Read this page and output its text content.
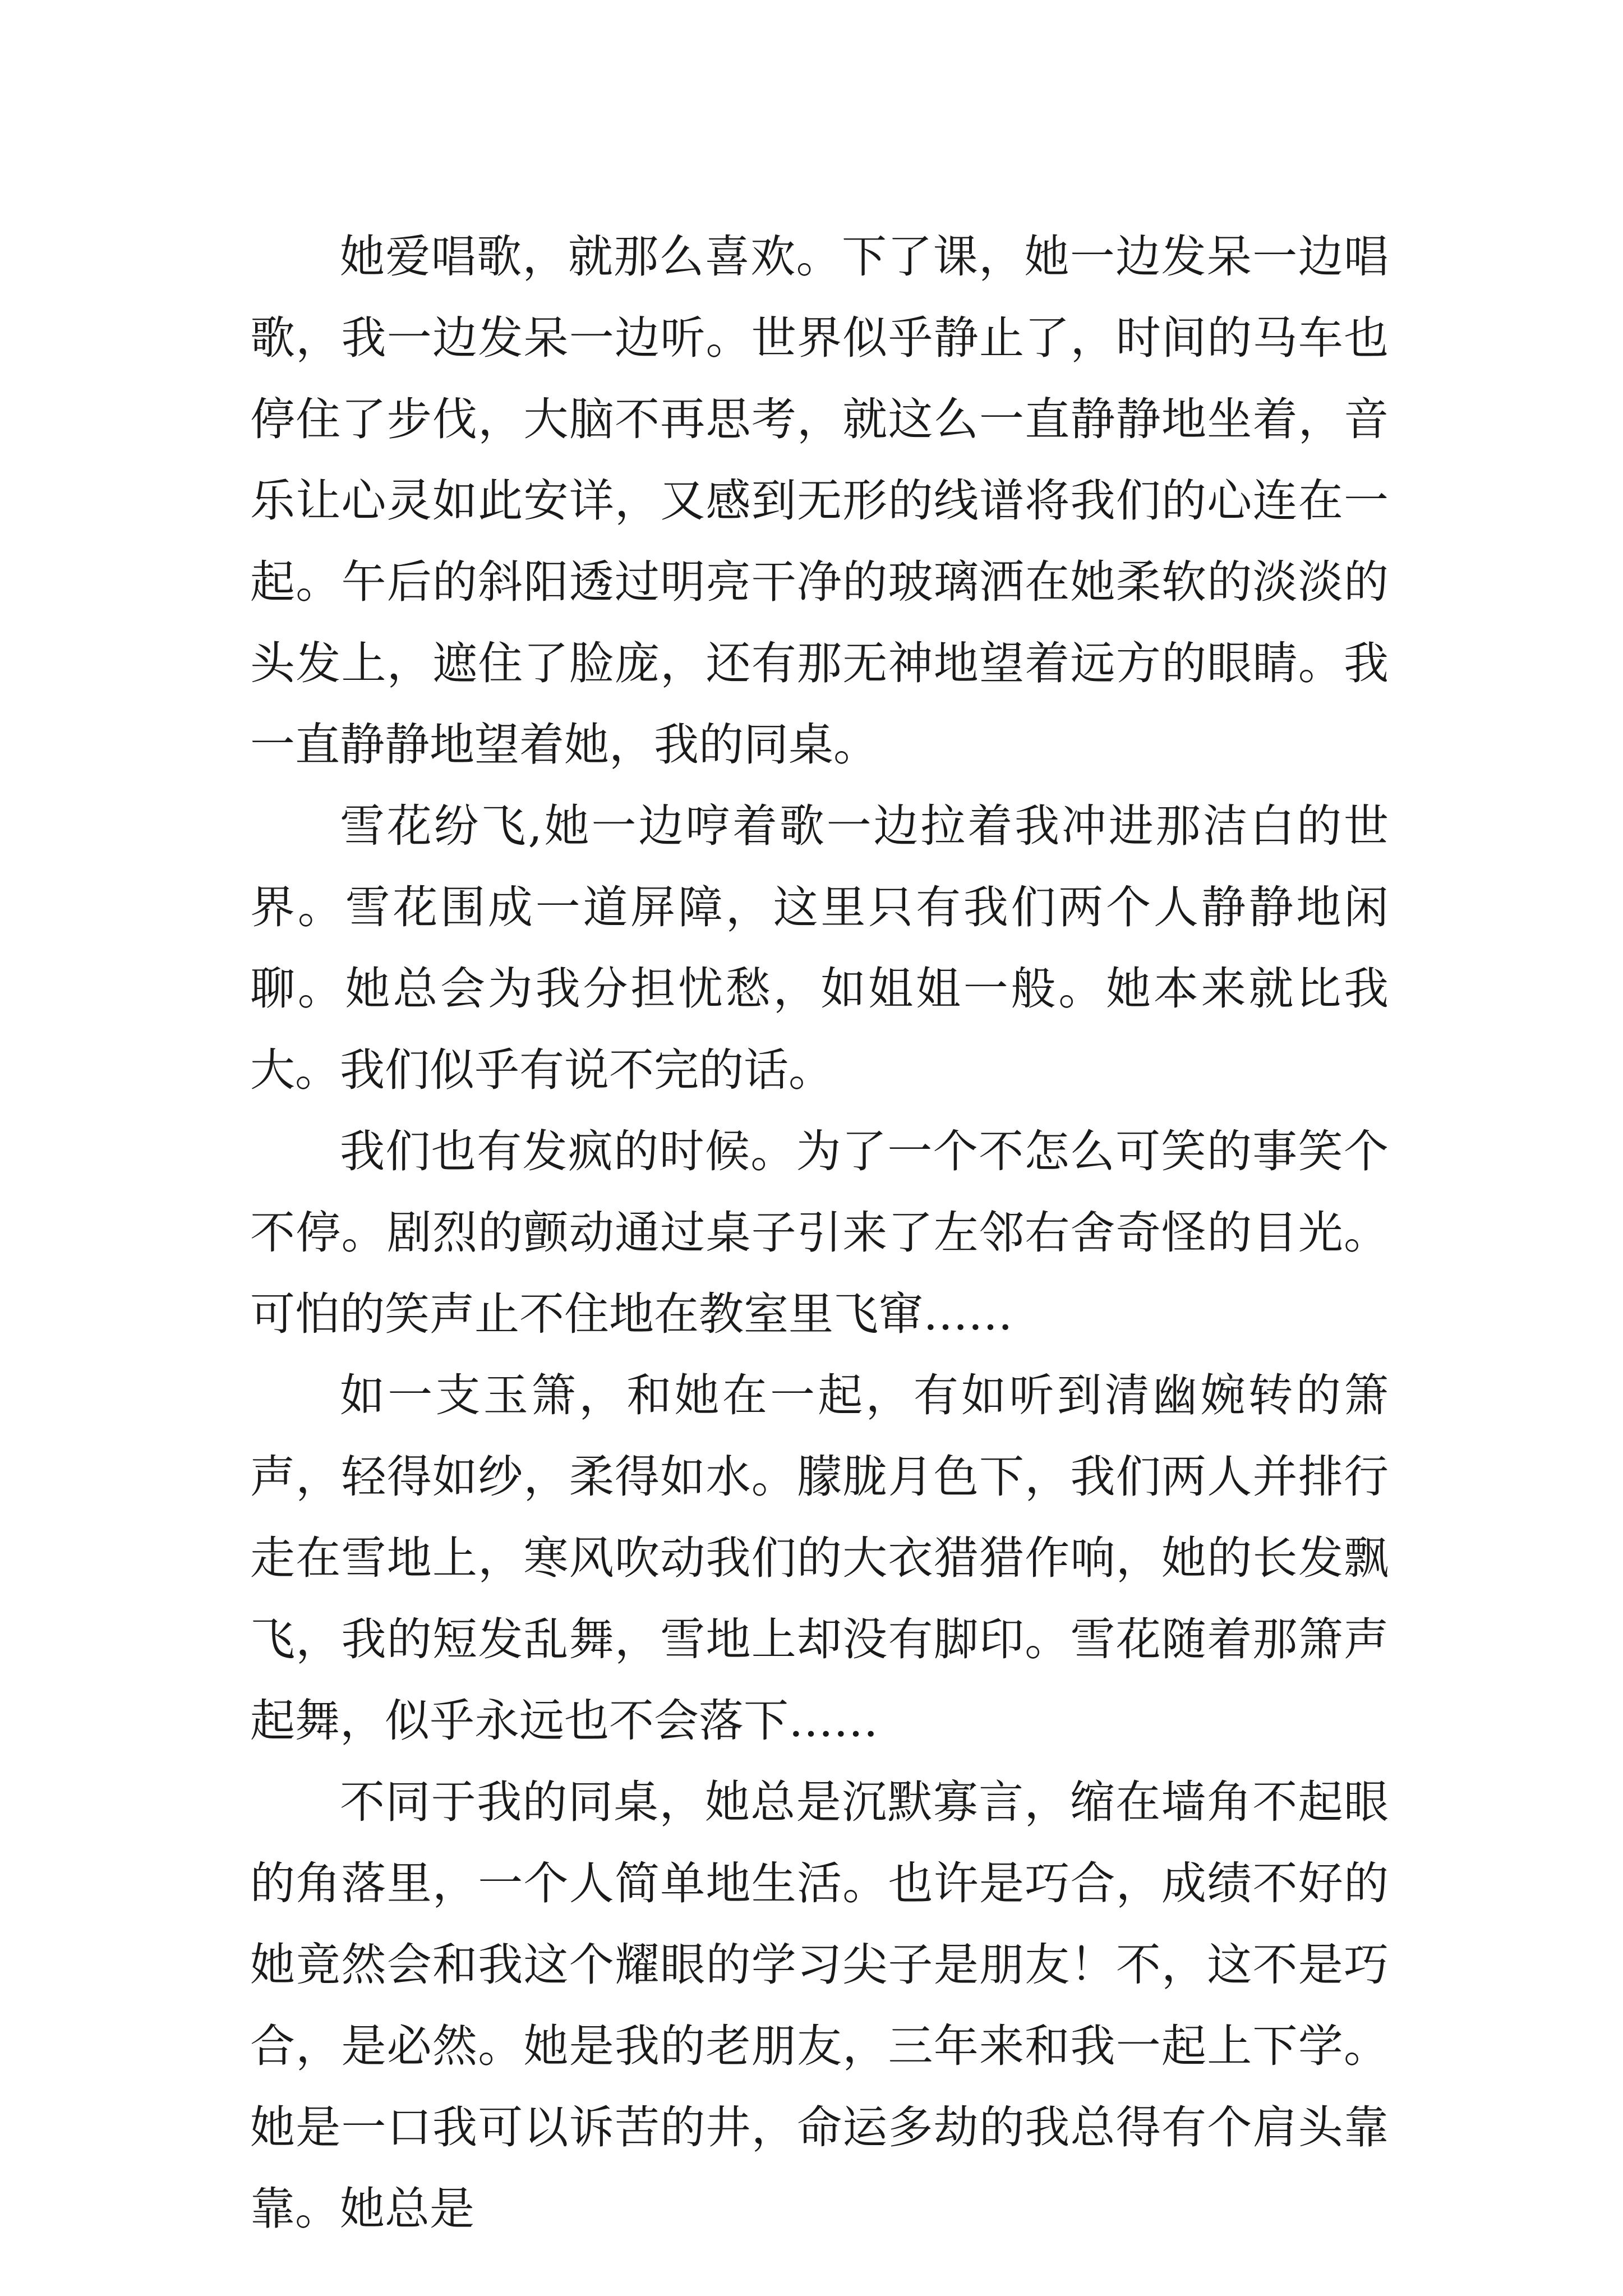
她爱唱歌，就那么喜欢。下了课，她一边发呆一边唱歌，我一边发呆一边听。世界似乎静止了，时间的马车也停住了步伐，大脑不再思考，就这么一直静静地坐着，音乐让心灵如此安详，又感到无形的线谱将我们的心连在一起。午后的斜阳透过明亮干净的玻璃洒在她柔软的淡淡的头发上，遮住了脸庞，还有那无神地望着远方的眼睛。我一直静静地望着她，我的同桌。

雪花纷飞,她一边哼着歌一边拉着我冲进那洁白的世界。雪花围成一道屏障，这里只有我们两个人静静地闲聊。她总会为我分担忧愁，如姐姐一般。她本来就比我大。我们似乎有说不完的话。

我们也有发疯的时候。为了一个不怎么可笑的事笑个不停。剧烈的颤动通过桌子引来了左邻右舍奇怪的目光。可怕的笑声止不住地在教室里飞窜……

如一支玉箫，和她在一起，有如听到清幽婉转的箫声，轻得如纱，柔得如水。朦胧月色下，我们两人并排行走在雪地上，寒风吹动我们的大衣猎猎作响，她的长发飘飞，我的短发乱舞，雪地上却没有脚印。雪花随着那箫声起舞，似乎永远也不会落下……

不同于我的同桌，她总是沉默寡言，缩在墙角不起眼的角落里，一个人简单地生活。也许是巧合，成绩不好的她竟然会和我这个耀眼的学习尖子是朋友！不，这不是巧合，是必然。她是我的老朋友，三年来和我一起上下学。她是一口我可以诉苦的井，命运多劫的我总得有个肩头靠靠。她总是
